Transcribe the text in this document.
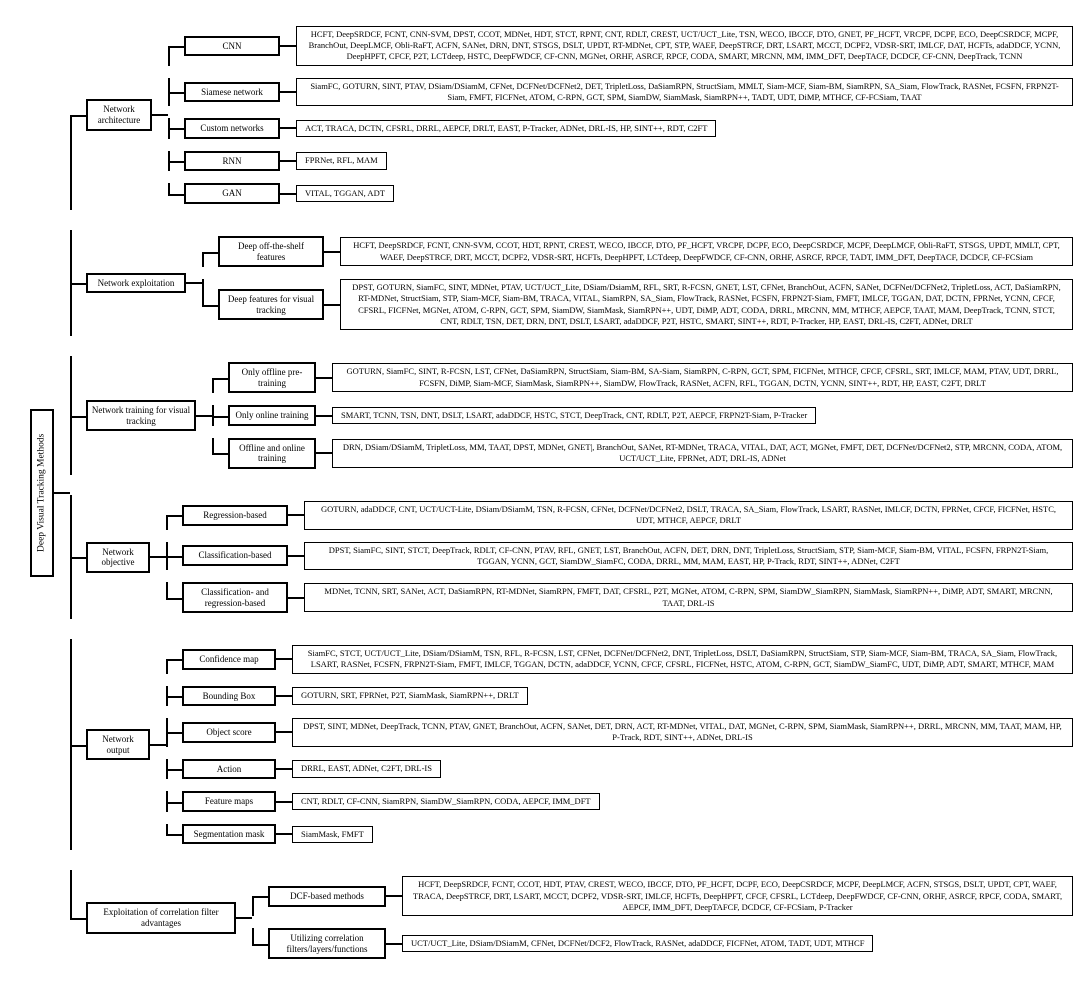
Deep Visual Tracking Methods
Network architecture
CNN
HCFT, DeepSRDCF, FCNT, CNN-SVM, DPST, CCOT, MDNet, HDT, STCT, RPNT, CNT, RDLT, CREST, UCT/UCT_Lite, TSN, WECO, IBCCF, DTO, GNET, PF_HCFT, VRCPF, DCPF, ECO, DeepCSRDCF, MCPF, BranchOut, DeepLMCF, Obli-RaFT, ACFN, SANet, DRN, DNT, STSGS, DSLT, UPDT, RT-MDNet, CPT, STP, WAEF, DeepSTRCF, DRT, LSART, MCCT, DCPF2, VDSR-SRT, IMLCF, DAT, HCFTs, adaDDCF, YCNN, DeepHPFT, CFCF, P2T, LCTdeep, HSTC, DeepFWDCF, CF-CNN, MGNet, ORHF, ASRCF, RPCF, CODA, SMART, MRCNN, MM, IMM_DFT, DeepTACF, DCDCF, CF-CNN, DeepTrack, TCNN
Siamese network
SiamFC, GOTURN, SINT, PTAV, DSiam/DSiamM, CFNet, DCFNet/DCFNet2, DET, TripletLoss, DaSiamRPN, StructSiam, MMLT, Siam-MCF, Siam-BM, SiamRPN, SA_Siam, FlowTrack, RASNet, FCSFN, FRPN2T-Siam, FMFT, FICFNet, ATOM, C-RPN, GCT, SPM, SiamDW, SiamMask, SiamRPN++, TADT, UDT, DiMP, MTHCF, CF-FCSiam, TAAT
Custom networks	ACT, TRACA, DCTN, CFSRL, DRRL, AEPCF, DRLT, EAST, P-Tracker, ADNet, DRL-IS, HP, SINT++, RDT, C2FT
RNN	FPRNet, RFL, MAM
GAN	VITAL, TGGAN, ADT
Network exploitation
Deep off-the-shelf features
HCFT, DeepSRDCF, FCNT, CNN-SVM, CCOT, HDT, RPNT, CREST, WECO, IBCCF, DTO, PF_HCFT, VRCPF, DCPF, ECO, DeepCSRDCF, MCPF, DeepLMCF, Obli-RaFT, STSGS, UPDT, MMLT, CPT, WAEF, DeepSTRCF, DRT, MCCT, DCPF2, VDSR-SRT, HCFTs, DeepHPFT, LCTdeep, DeepFWDCF, CF-CNN, ORHF, ASRCF, RPCF, TADT, IMM_DFT, DeepTACF, DCDCF, CF-FCSiam
Deep features for visual tracking
DPST, GOTURN, SiamFC, SINT, MDNet, PTAV, UCT/UCT_Lite, DSiam/DsiamM, RFL, SRT, R-FCSN, GNET, LST, CFNet, BranchOut, ACFN, SANet, DCFNet/DCFNet2, TripletLoss, ACT, DaSiamRPN, RT-MDNet, StructSiam, STP, Siam-MCF, Siam-BM, TRACA, VITAL, SiamRPN, SA_Siam, FlowTrack, RASNet, FCSFN, FRPN2T-Siam, FMFT, IMLCF, TGGAN, DAT, DCTN, FPRNet, YCNN, CFCF, CFSRL, FICFNet, MGNet, ATOM, C-RPN, GCT, SPM, SiamDW, SiamMask, SiamRPN++, UDT, DiMP, ADT, CODA, DRRL, MRCNN, MM, MTHCF, AEPCF, TAAT, MAM, DeepTrack, TCNN, STCT, CNT, RDLT, TSN, DET, DRN, DNT, DSLT, LSART, adaDDCF, P2T, HSTC, SMART, SINT++, RDT, P-Tracker, HP, EAST, DRL-IS, C2FT, ADNet, DRLT
Network training for visual tracking
Only offline pre-training
GOTURN, SiamFC, SINT, R-FCSN, LST, CFNet, DaSiamRPN, StructSiam, Siam-BM, SA-Siam, SiamRPN, C-RPN, GCT, SPM, FICFNet, MTHCF, CFCF, CFSRL, SRT, IMLCF, MAM, PTAV, UDT, DRRL, FCSFN, DiMP, Siam-MCF, SiamMask, SiamRPN++, SiamDW, FlowTrack, RASNet, ACFN, RFL, TGGAN, DCTN, YCNN, SINT++, RDT, HP, EAST, C2FT, DRLT
Only online training	SMART, TCNN, TSN, DNT, DSLT, LSART, adaDDCF, HSTC, STCT, DeepTrack, CNT, RDLT, P2T, AEPCF, FRPN2T-Siam, P-Tracker
Offline and online training
DRN, DSiam/DSiamM, TripletLoss, MM, TAAT, DPST, MDNet, GNET|, BranchOut, SANet, RT-MDNet, TRACA, VITAL, DAT, ACT, MGNet, FMFT, DET, DCFNet/DCFNet2, STP, MRCNN, CODA, ATOM, UCT/UCT_Lite, FPRNet, ADT, DRL-IS, ADNet
Network objective
Regression-based
GOTURN, adaDDCF, CNT, UCT/UCT-Lite, DSiam/DSiamM, TSN, R-FCSN, CFNet, DCFNet/DCFNet2, DSLT, TRACA, SA_Siam, FlowTrack, LSART, RASNet, IMLCF, DCTN, FPRNet, CFCF, FICFNet, HSTC, UDT, MTHCF, AEPCF, DRLT
Classification-based
DPST, SiamFC, SINT, STCT, DeepTrack, RDLT, CF-CNN, PTAV, RFL, GNET, LST, BranchOut, ACFN, DET, DRN, DNT, TripletLoss, StructSiam, STP, Siam-MCF, Siam-BM, VITAL, FCSFN, FRPN2T-Siam, TGGAN, YCNN, GCT, SiamDW_SiamFC, CODA, DRRL, MM, MAM, EAST, HP, P-Track, RDT, SINT++, ADNet, C2FT
Classification- and regression-based
MDNet, TCNN, SRT, SANet, ACT, DaSiamRPN, RT-MDNet, SiamRPN, FMFT, DAT, CFSRL, P2T, MGNet, ATOM, C-RPN, SPM, SiamDW_SiamRPN, SiamMask, SiamRPN++, DiMP, ADT, SMART, MRCNN, TAAT, DRL-IS
Network output
Confidence map
SiamFC, STCT, UCT/UCT_Lite, DSiam/DSiamM, TSN, RFL, R-FCSN, LST, CFNet, DCFNet/DCFNet2, DNT, TripletLoss, DSLT, DaSiamRPN, StructSiam, STP, Siam-MCF, Siam-BM, TRACA, SA_Siam, FlowTrack, LSART, RASNet, FCSFN, FRPN2T-Siam, FMFT, IMLCF, TGGAN, DCTN, adaDDCF, YCNN, CFCF, CFSRL, FICFNet, HSTC, ATOM, C-RPN, GCT, SiamDW_SiamFC, UDT, DiMP, ADT, SMART, MTHCF, MAM
Bounding Box	GOTURN, SRT, FPRNet, P2T, SiamMask, SiamRPN++, DRLT
Object score
DPST, SINT, MDNet, DeepTrack, TCNN, PTAV, GNET, BranchOut, ACFN, SANet, DET, DRN, ACT, RT-MDNet, VITAL, DAT, MGNet, C-RPN, SPM, SiamMask, SiamRPN++, DRRL, MRCNN, MM, TAAT, MAM, HP, P-Track, RDT, SINT++, ADNet, DRL-IS
Action	DRRL, EAST, ADNet, C2FT, DRL-IS
Feature maps	CNT, RDLT, CF-CNN, SiamRPN, SiamDW_SiamRPN, CODA, AEPCF, IMM_DFT
Segmentation mask	SiamMask, FMFT
Exploitation of correlation filter advantages
DCF-based methods
HCFT, DeepSRDCF, FCNT, CCOT, HDT, PTAV, CREST, WECO, IBCCF, DTO, PF_HCFT, DCPF, ECO, DeepCSRDCF, MCPF, DeepLMCF, ACFN, STSGS, DSLT, UPDT, CPT, WAEF, TRACA, DeepSTRCF, DRT, LSART, MCCT, DCPF2, VDSR-SRT, IMLCF, HCFTs, DeepHPFT, CFCF, CFSRL, LCTdeep, DeepFWDCF, CF-CNN, ORHF, ASRCF, RPCF, CODA, SMART, AEPCF, IMM_DFT, DeepTAFCF, DCDCF, CF-FCSiam, P-Tracker
Utilizing correlation filters/layers/functions
UCT/UCT_Lite, DSiam/DSiamM, CFNet, DCFNet/DCF2, FlowTrack, RASNet, adaDDCF, FICFNet, ATOM, TADT, UDT, MTHCF
